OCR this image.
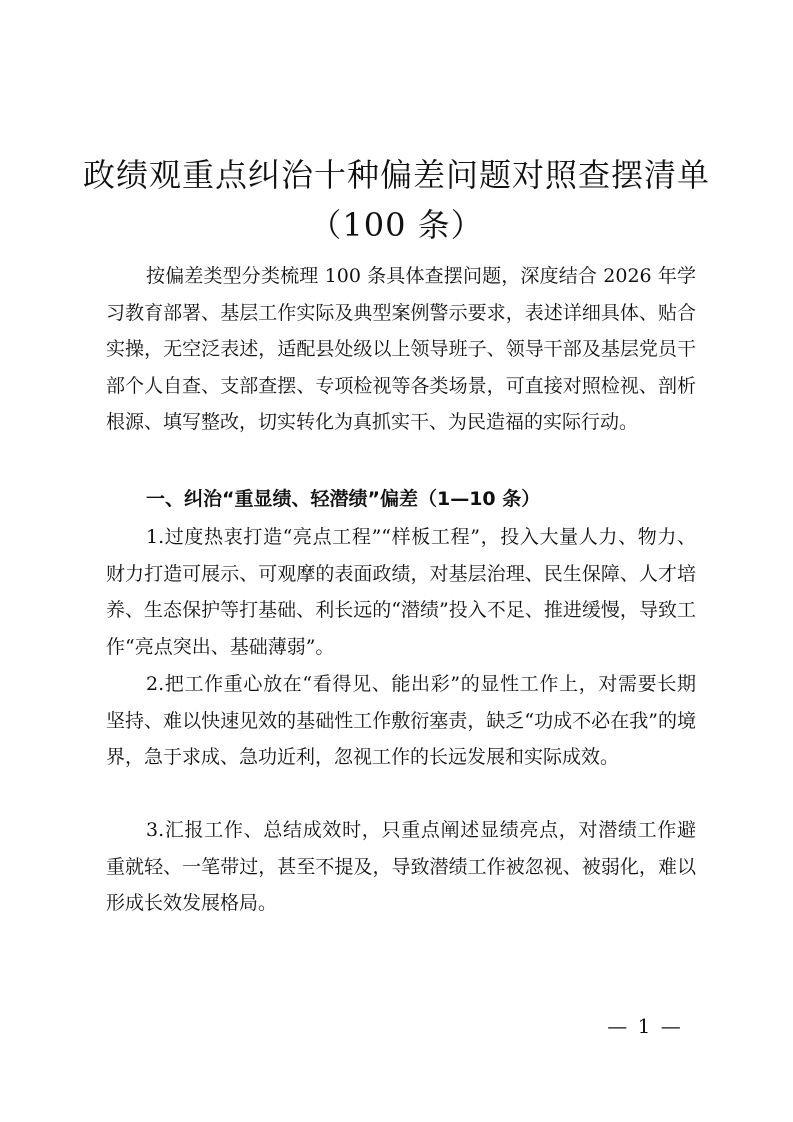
政绩观重点纠治十种偏差问题对照查摆清单
（100 条）

按偏差类型分类梳理 100 条具体查摆问题，深度结合 2026 年学习教育部署、基层工作实际及典型案例警示要求，表述详细具体、贴合实操，无空泛表述，适配县处级以上领导班子、领导干部及基层党员干部个人自查、支部查摆、专项检视等各类场景，可直接对照检视、剖析根源、填写整改，切实转化为真抓实干、为民造福的实际行动。

一、纠治“重显绩、轻潜绩”偏差（1—10 条）

1.过度热衷打造“亮点工程”“样板工程”，投入大量人力、物力、财力打造可展示、可观摩的表面政绩，对基层治理、民生保障、人才培养、生态保护等打基础、利长远的“潜绩”投入不足、推进缓慢，导致工作“亮点突出、基础薄弱”。

2.把工作重心放在“看得见、能出彩”的显性工作上，对需要长期坚持、难以快速见效的基础性工作敷衍塞责，缺乏“功成不必在我”的境界，急于求成、急功近利，忽视工作的长远发展和实际成效。

3.汇报工作、总结成效时，只重点阐述显绩亮点，对潜绩工作避重就轻、一笔带过，甚至不提及，导致潜绩工作被忽视、被弱化，难以形成长效发展格局。

— 1 —
